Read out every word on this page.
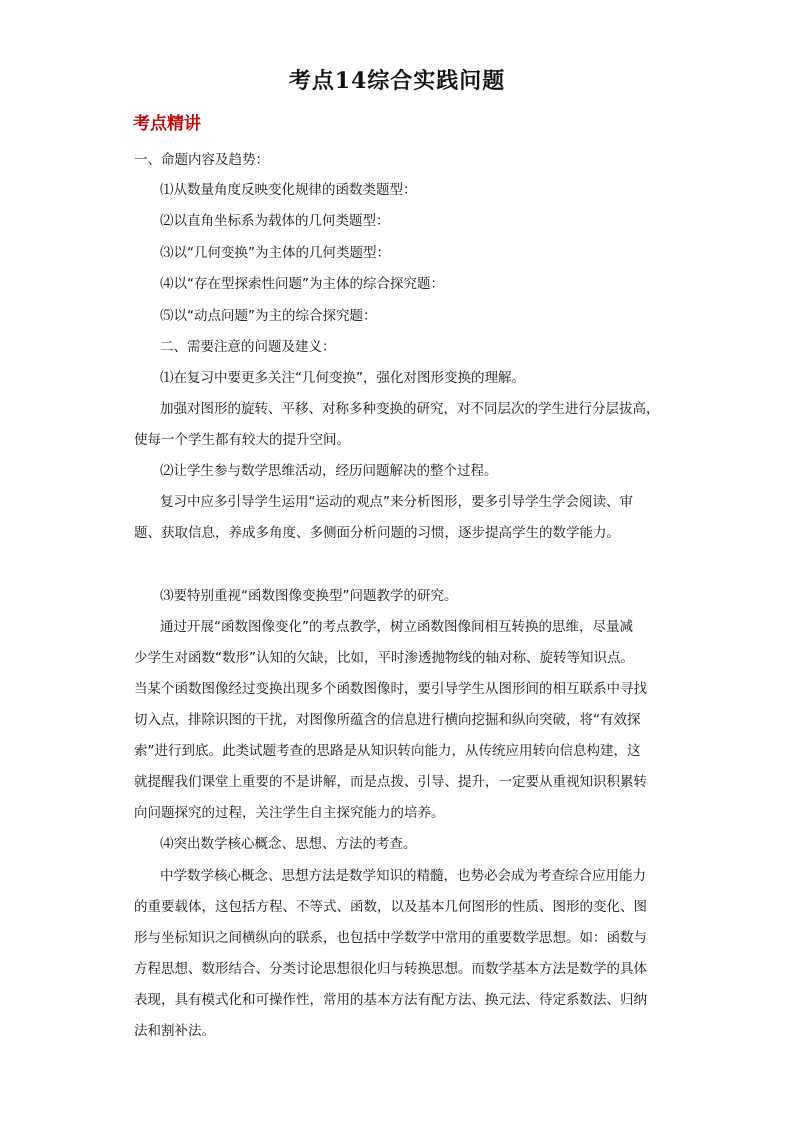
考点14综合实践问题
考点精讲
一、命题内容及趋势：
⑴从数量角度反映变化规律的函数类题型：
⑵以直角坐标系为载体的几何类题型：
⑶以“几何变换”为主体的几何类题型：
⑷以“存在型探索性问题”为主体的综合探究题：
⑸以“动点问题”为主的综合探究题：
二、需要注意的问题及建义：
⑴在复习中要更多关注“几何变换”，强化对图形变换的理解。
加强对图形的旋转、平移、对称多种变换的研究，对不同层次的学生进行分层拔高，
使每一个学生都有较大的提升空间。
⑵让学生参与数学思维活动，经历问题解决的整个过程。
复习中应多引导学生运用“运动的观点”来分析图形，要多引导学生学会阅读、审
题、获取信息，养成多角度、多侧面分析问题的习惯，逐步提高学生的数学能力。
⑶要特别重视“函数图像变换型”问题教学的研究。
通过开展“函数图像变化”的考点教学，树立函数图像间相互转换的思维，尽量减
少学生对函数“数形”认知的欠缺，比如，平时渗透抛物线的轴对称、旋转等知识点。
当某个函数图像经过变换出现多个函数图像时，要引导学生从图形间的相互联系中寻找
切入点，排除识图的干扰，对图像所蕴含的信息进行横向挖掘和纵向突破，将“有效探
索”进行到底。此类试题考查的思路是从知识转向能力，从传统应用转向信息构建，这
就提醒我们课堂上重要的不是讲解，而是点拨、引导、提升，一定要从重视知识积累转
向问题探究的过程，关注学生自主探究能力的培养。
⑷突出数学核心概念、思想、方法的考查。
中学数学核心概念、思想方法是数学知识的精髓，也势必会成为考查综合应用能力
的重要载体，这包括方程、不等式、函数，以及基本几何图形的性质、图形的变化、图
形与坐标知识之间横纵向的联系，也包括中学数学中常用的重要数学思想。如：函数与
方程思想、数形结合、分类讨论思想很化归与转换思想。而数学基本方法是数学的具体
表现，具有模式化和可操作性，常用的基本方法有配方法、换元法、待定系数法、归纳
法和割补法。
